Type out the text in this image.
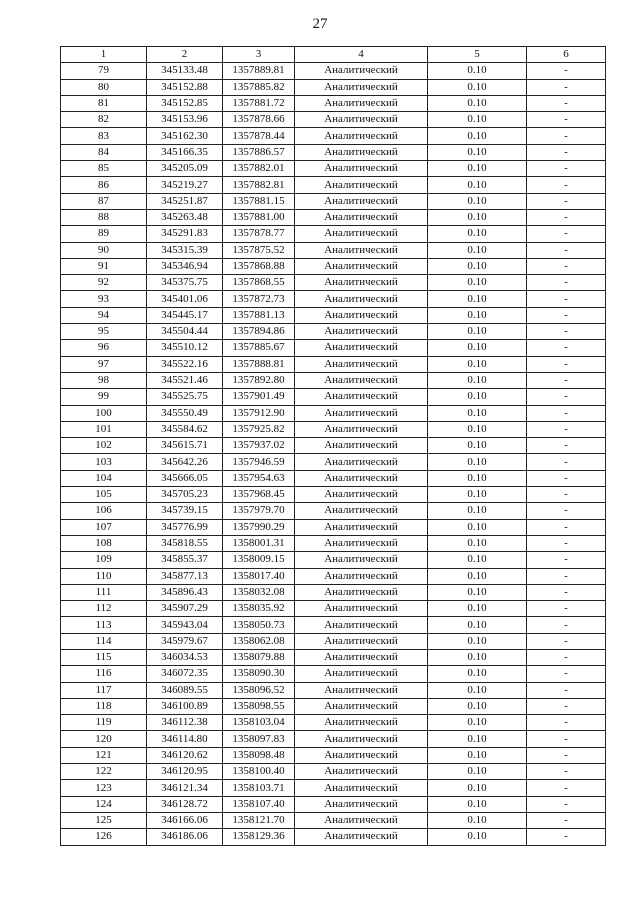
27
1	2	3	4	5	6
79	345133.48	1357889.81	Аналитический	0.10	-
80	345152.88	1357885.82	Аналитический	0.10	-
81	345152.85	1357881.72	Аналитический	0.10	-
82	345153.96	1357878.66	Аналитический	0.10	-
83	345162.30	1357878.44	Аналитический	0.10	-
84	345166.35	1357886.57	Аналитический	0.10	-
85	345205.09	1357882.01	Аналитический	0.10	-
86	345219.27	1357882.81	Аналитический	0.10	-
87	345251.87	1357881.15	Аналитический	0.10	-
88	345263.48	1357881.00	Аналитический	0.10	-
89	345291.83	1357878.77	Аналитический	0.10	-
90	345315.39	1357875.52	Аналитический	0.10	-
91	345346.94	1357868.88	Аналитический	0.10	-
92	345375.75	1357868.55	Аналитический	0.10	-
93	345401.06	1357872.73	Аналитический	0.10	-
94	345445.17	1357881.13	Аналитический	0.10	-
95	345504.44	1357894.86	Аналитический	0.10	-
96	345510.12	1357885.67	Аналитический	0.10	-
97	345522.16	1357888.81	Аналитический	0.10	-
98	345521.46	1357892.80	Аналитический	0.10	-
99	345525.75	1357901.49	Аналитический	0.10	-
100	345550.49	1357912.90	Аналитический	0.10	-
101	345584.62	1357925.82	Аналитический	0.10	-
102	345615.71	1357937.02	Аналитический	0.10	-
103	345642.26	1357946.59	Аналитический	0.10	-
104	345666.05	1357954.63	Аналитический	0.10	-
105	345705.23	1357968.45	Аналитический	0.10	-
106	345739.15	1357979.70	Аналитический	0.10	-
107	345776.99	1357990.29	Аналитический	0.10	-
108	345818.55	1358001.31	Аналитический	0.10	-
109	345855.37	1358009.15	Аналитический	0.10	-
110	345877.13	1358017.40	Аналитический	0.10	-
111	345896.43	1358032.08	Аналитический	0.10	-
112	345907.29	1358035.92	Аналитический	0.10	-
113	345943.04	1358050.73	Аналитический	0.10	-
114	345979.67	1358062.08	Аналитический	0.10	-
115	346034.53	1358079.88	Аналитический	0.10	-
116	346072.35	1358090.30	Аналитический	0.10	-
117	346089.55	1358096.52	Аналитический	0.10	-
118	346100.89	1358098.55	Аналитический	0.10	-
119	346112.38	1358103.04	Аналитический	0.10	-
120	346114.80	1358097.83	Аналитический	0.10	-
121	346120.62	1358098.48	Аналитический	0.10	-
122	346120.95	1358100.40	Аналитический	0.10	-
123	346121.34	1358103.71	Аналитический	0.10	-
124	346128.72	1358107.40	Аналитический	0.10	-
125	346166.06	1358121.70	Аналитический	0.10	-
126	346186.06	1358129.36	Аналитический	0.10	-
